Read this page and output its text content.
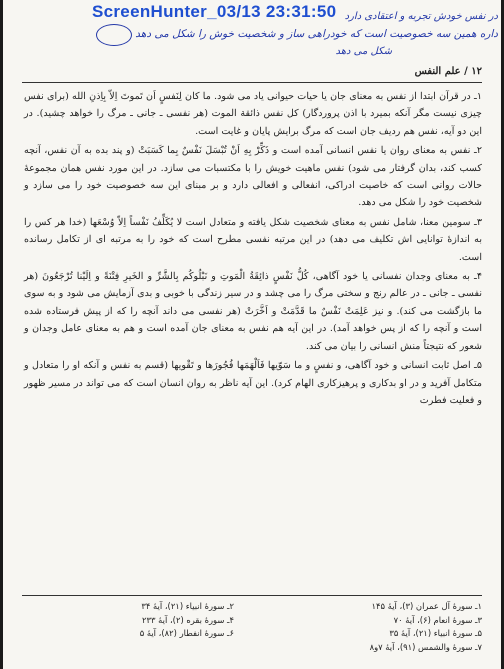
ScreenHunter_03/13 23:31:50 در نفس خودش تجربه و اعتقادی دارد
داره همین سه خصوصیت است که خودراهی ساز و شخصیت خوش را شکل می دهد
شکل می دهد
۱۲ / علم النفس

۱ـ در قرآن ابتدا از نفس به معنای جان یا حیات حیوانی یاد می شود. ما کان لِنَفسٍ اَن تَموتَ اِلاّ بِاِذنِ الله (برای نفس چیزی نیست مگر آنکه بمیرد با اذن پروردگار) کل نفس ذائقة الموت (هر نفسی ـ جانی ـ مرگ را خواهد چشید). در این دو آیه، نفس هم ردیف جان است که مرگ برایش پایان و غایت است.

۲ـ نفس به معنای روان یا نفس انسانی آمده است و ذَکِّرْ بِهِ اَنْ تُبْسَلَ نَفْسٌ بِما کَسَبَتْ (و پند بده به آن نفس، آنچه کسب کند، بدان گرفتار می شود) نفس ماهیت خویش را با مکتسبات می سازد. در این مورد نفس همان مجموعهٔ حالات روانی است که خاصیت ادراکی، انفعالی و افعالی دارد و بر مبنای این سه خصوصیت خود را می سازد و شخصیت خود را شکل می دهد.

۳ـ سومین معنا، شامل نفس به معنای شخصیت شکل یافته و متعادل است لا یُکَلِّفُ نَفْساً اِلاّ وُسْعَها (خدا هر کس را به اندازهٔ توانایی اش تکلیف می دهد) در این مرتبه نفسی مطرح است که خود را به مرتبه ای از تکامل رسانده است.

۴ـ به معنای وجدان نفسانی یا خود آگاهی، کُلُّ نَفْسٍ ذائِقَةُ الْمَوتِ و نَبْلُوکُم بِالشَّرِّ و الخَیرِ فِتْنَةً و اِلَیْنا تُرْجَعُونَ (هر نفسی ـ جانی ـ در عالم رنج و سختی مرگ را می چشد و در سیر زندگی با خوبی و بدی آزمایش می شود و به سوی ما بازگشت می کند). و نیز عَلِمَتْ نَفْسٌ ما قَدَّمَتْ و اَخَّرَتْ (هر نفسی می داند آنچه را که از پیش فرستاده شده است و آنچه را که از پس خواهد آمد). در این آیه هم نفس به معنای جان آمده است و هم به معنای عامل وجدان و شعور که نتیجتاً منش انسانی را بیان می کند.

۵ـ اصل ثابت انسانی و خود آگاهی، و نفسٍ و ما سَوّیها فَاَلْهَمَها فُجُورَها و تَقْویها (قسم به نفس و آنکه او را متعادل و متکامل آفرید و در او بدکاری و پرهیزکاری الهام کرد). این آیه ناظر به روان انسان است که می تواند در مسیر ظهور و فعلیت فطرت

۱ـ سورهٔ آل عمران (۳)، آیهٔ ۱۴۵
۳ـ سورهٔ انعام (۶)، آیهٔ ۷۰
۵ـ سورهٔ انبیاء (۲۱)، آیهٔ ۳۵
۷ـ سورهٔ والشمس (۹۱)، آیهٔ ۷و۸
۲ـ سورهٔ انبیاء (۲۱)، آیهٔ ۳۴
۴ـ سورهٔ بقره (۲)، آیهٔ ۲۳۳
۶ـ سورهٔ انفطار (۸۲)، آیهٔ ۵
